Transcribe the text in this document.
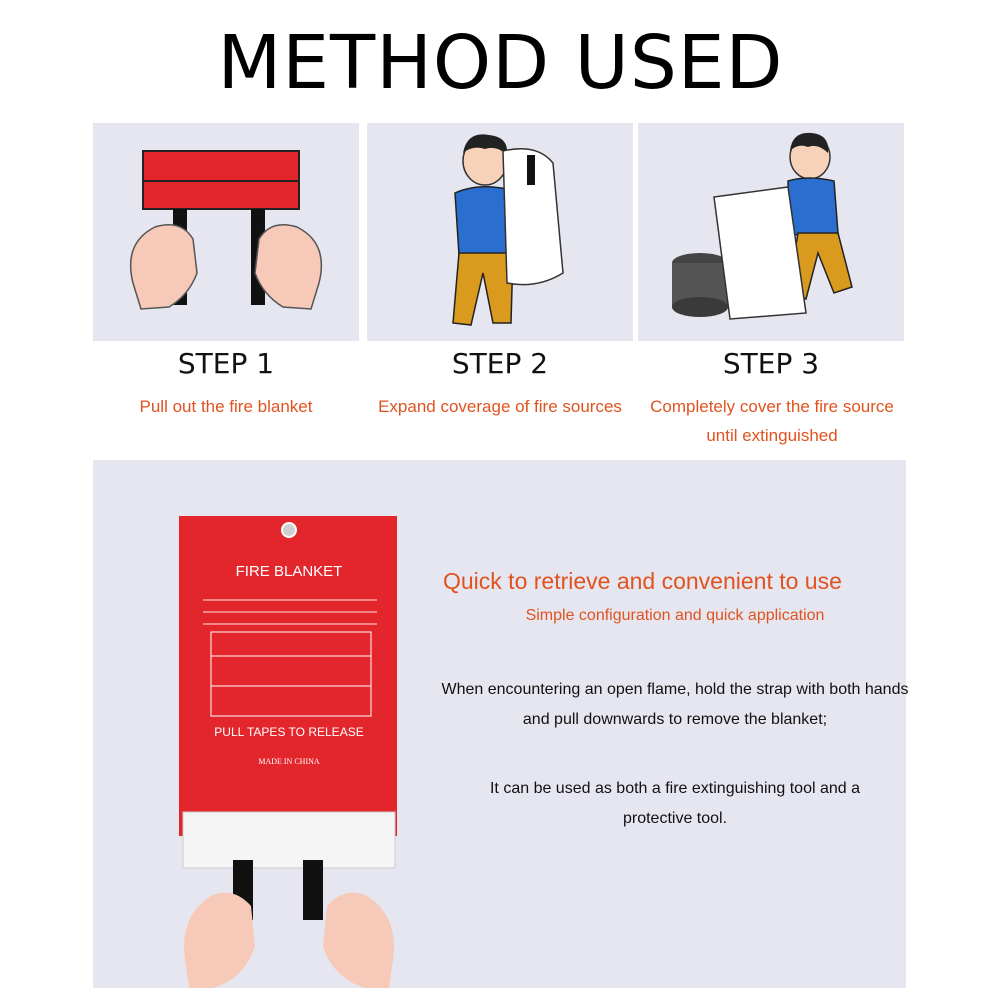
METHOD USED
STEP 1	STEP 2	STEP 3
Pull out the fire blanket	Expand coverage of fire sources	Completely cover the fire source until extinguished
FIRE BLANKET
PULL TAPES TO RELEASE
MADE IN CHINA
Quick to retrieve and convenient to use
Simple configuration and quick application
When encountering an open flame, hold the strap with both hands and pull downwards to remove the blanket;
It can be used as both a fire extinguishing tool and a protective tool.
